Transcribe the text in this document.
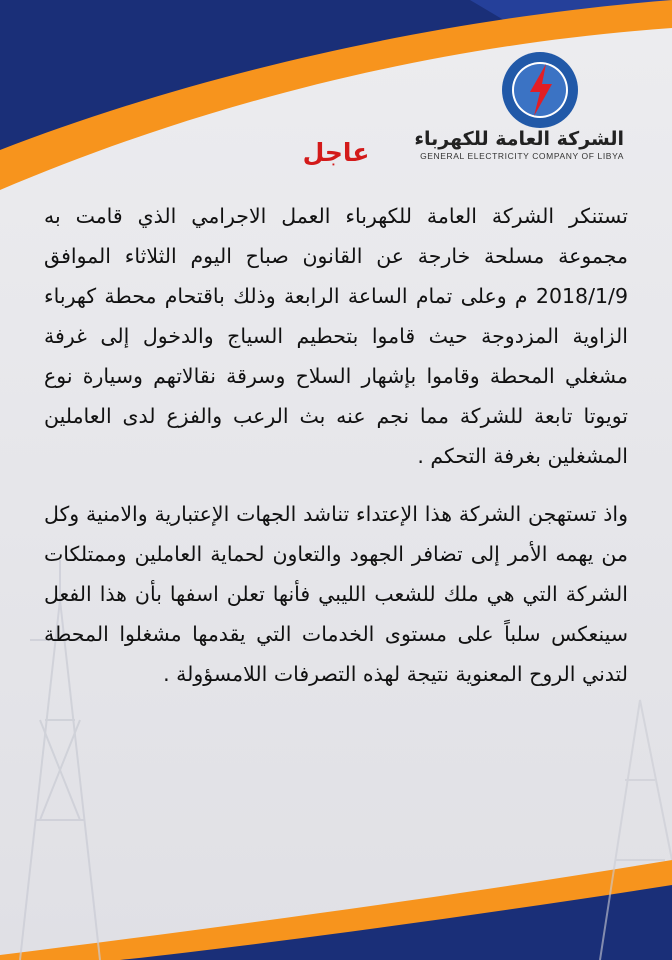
الشركة العامة للكهرباء
GENERAL ELECTRICITY COMPANY OF LIBYA
عاجل

تستنكر الشركة العامة للكهرباء العمل الاجرامي الذي قامت به مجموعة مسلحة خارجة عن القانون صباح اليوم الثلاثاء الموافق 2018/1/9 م وعلى تمام الساعة الرابعة وذلك باقتحام محطة كهرباء الزاوية المزدوجة حيث قاموا بتحطيم السياج والدخول إلى غرفة مشغلي المحطة وقاموا بإشهار السلاح وسرقة نقالاتهم وسيارة نوع تويوتا تابعة للشركة مما نجم عنه بث الرعب والفزع لدى العاملين المشغلين بغرفة التحكم .

واذ تستهجن الشركة هذا الإعتداء تناشد الجهات الإعتبارية والامنية وكل من يهمه الأمر إلى تضافر الجهود والتعاون لحماية العاملين وممتلكات الشركة التي هي ملك للشعب الليبي فأنها تعلن اسفها بأن هذا الفعل سينعكس سلباً على مستوى الخدمات التي يقدمها مشغلوا المحطة لتدني الروح المعنوية نتيجة لهذه التصرفات اللامسؤولة .
